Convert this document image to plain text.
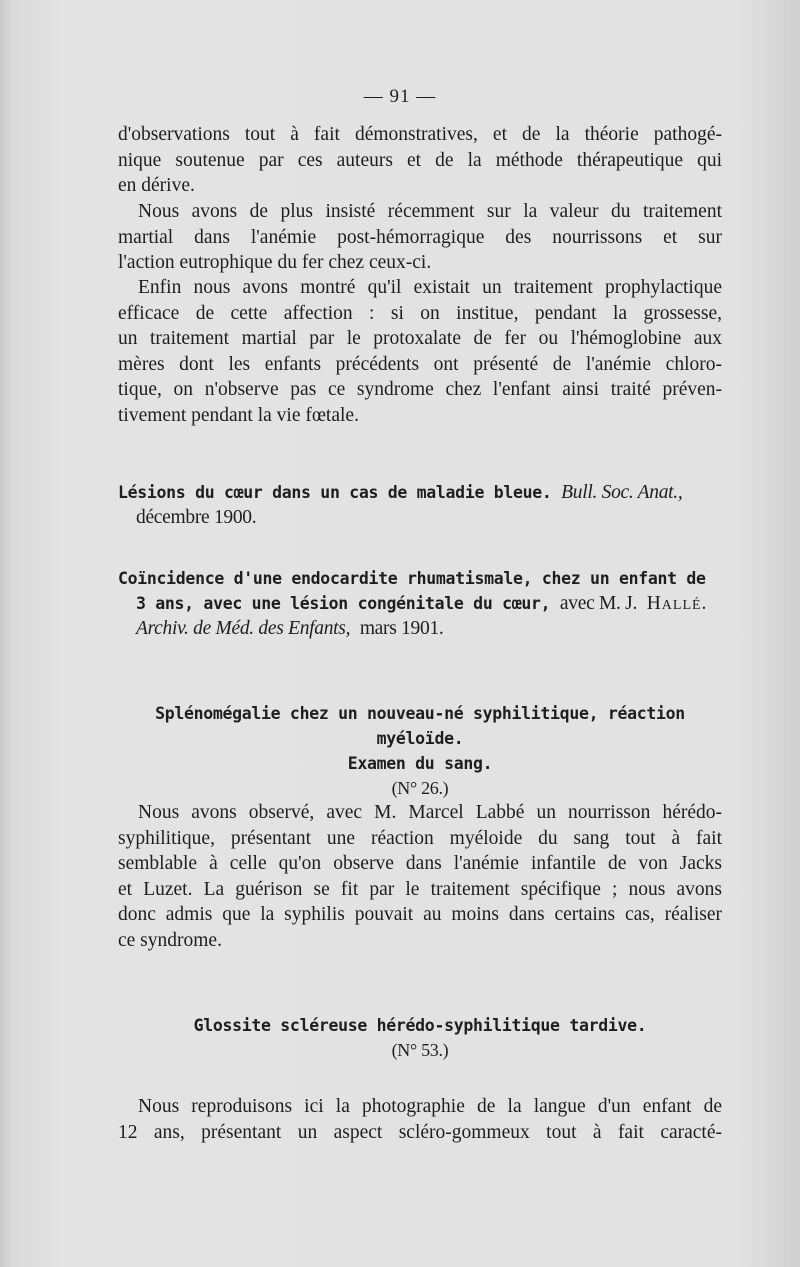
— 91 —
d'observations tout à fait démonstratives, et de la théorie pathogé-
nique soutenue par ces auteurs et de la méthode thérapeutique qui
en dérive.
Nous avons de plus insisté récemment sur la valeur du traitement
martial dans l'anémie post-hémorragique des nourrissons et sur
l'action eutrophique du fer chez ceux-ci.
Enfin nous avons montré qu'il existait un traitement prophylactique
efficace de cette affection : si on institue, pendant la grossesse,
un traitement martial par le protoxalate de fer ou l'hémoglobine aux
mères dont les enfants précédents ont présenté de l'anémie chloro-
tique, on n'observe pas ce syndrome chez l'enfant ainsi traité préven-
tivement pendant la vie fœtale.
Lésions du cœur dans un cas de maladie bleue. Bull. Soc. Anat.,
décembre 1900.
Coïncidence d'une endocardite rhumatismale, chez un enfant de
3 ans, avec une lésion congénitale du cœur, avec M. J. Hallé.
Archiv. de Méd. des Enfants, mars 1901.
Splénomégalie chez un nouveau-né syphilitique, réaction myéloïde.
Examen du sang.
(N° 26.)
Nous avons observé, avec M. Marcel Labbé un nourrisson hérédo-
syphilitique, présentant une réaction myéloide du sang tout à fait
semblable à celle qu'on observe dans l'anémie infantile de von Jacks
et Luzet. La guérison se fit par le traitement spécifique ; nous avons
donc admis que la syphilis pouvait au moins dans certains cas, réaliser
ce syndrome.
Glossite scléreuse hérédo-syphilitique tardive.
(N° 53.)
Nous reproduisons ici la photographie de la langue d'un enfant de
12 ans, présentant un aspect scléro-gommeux tout à fait caracté-
